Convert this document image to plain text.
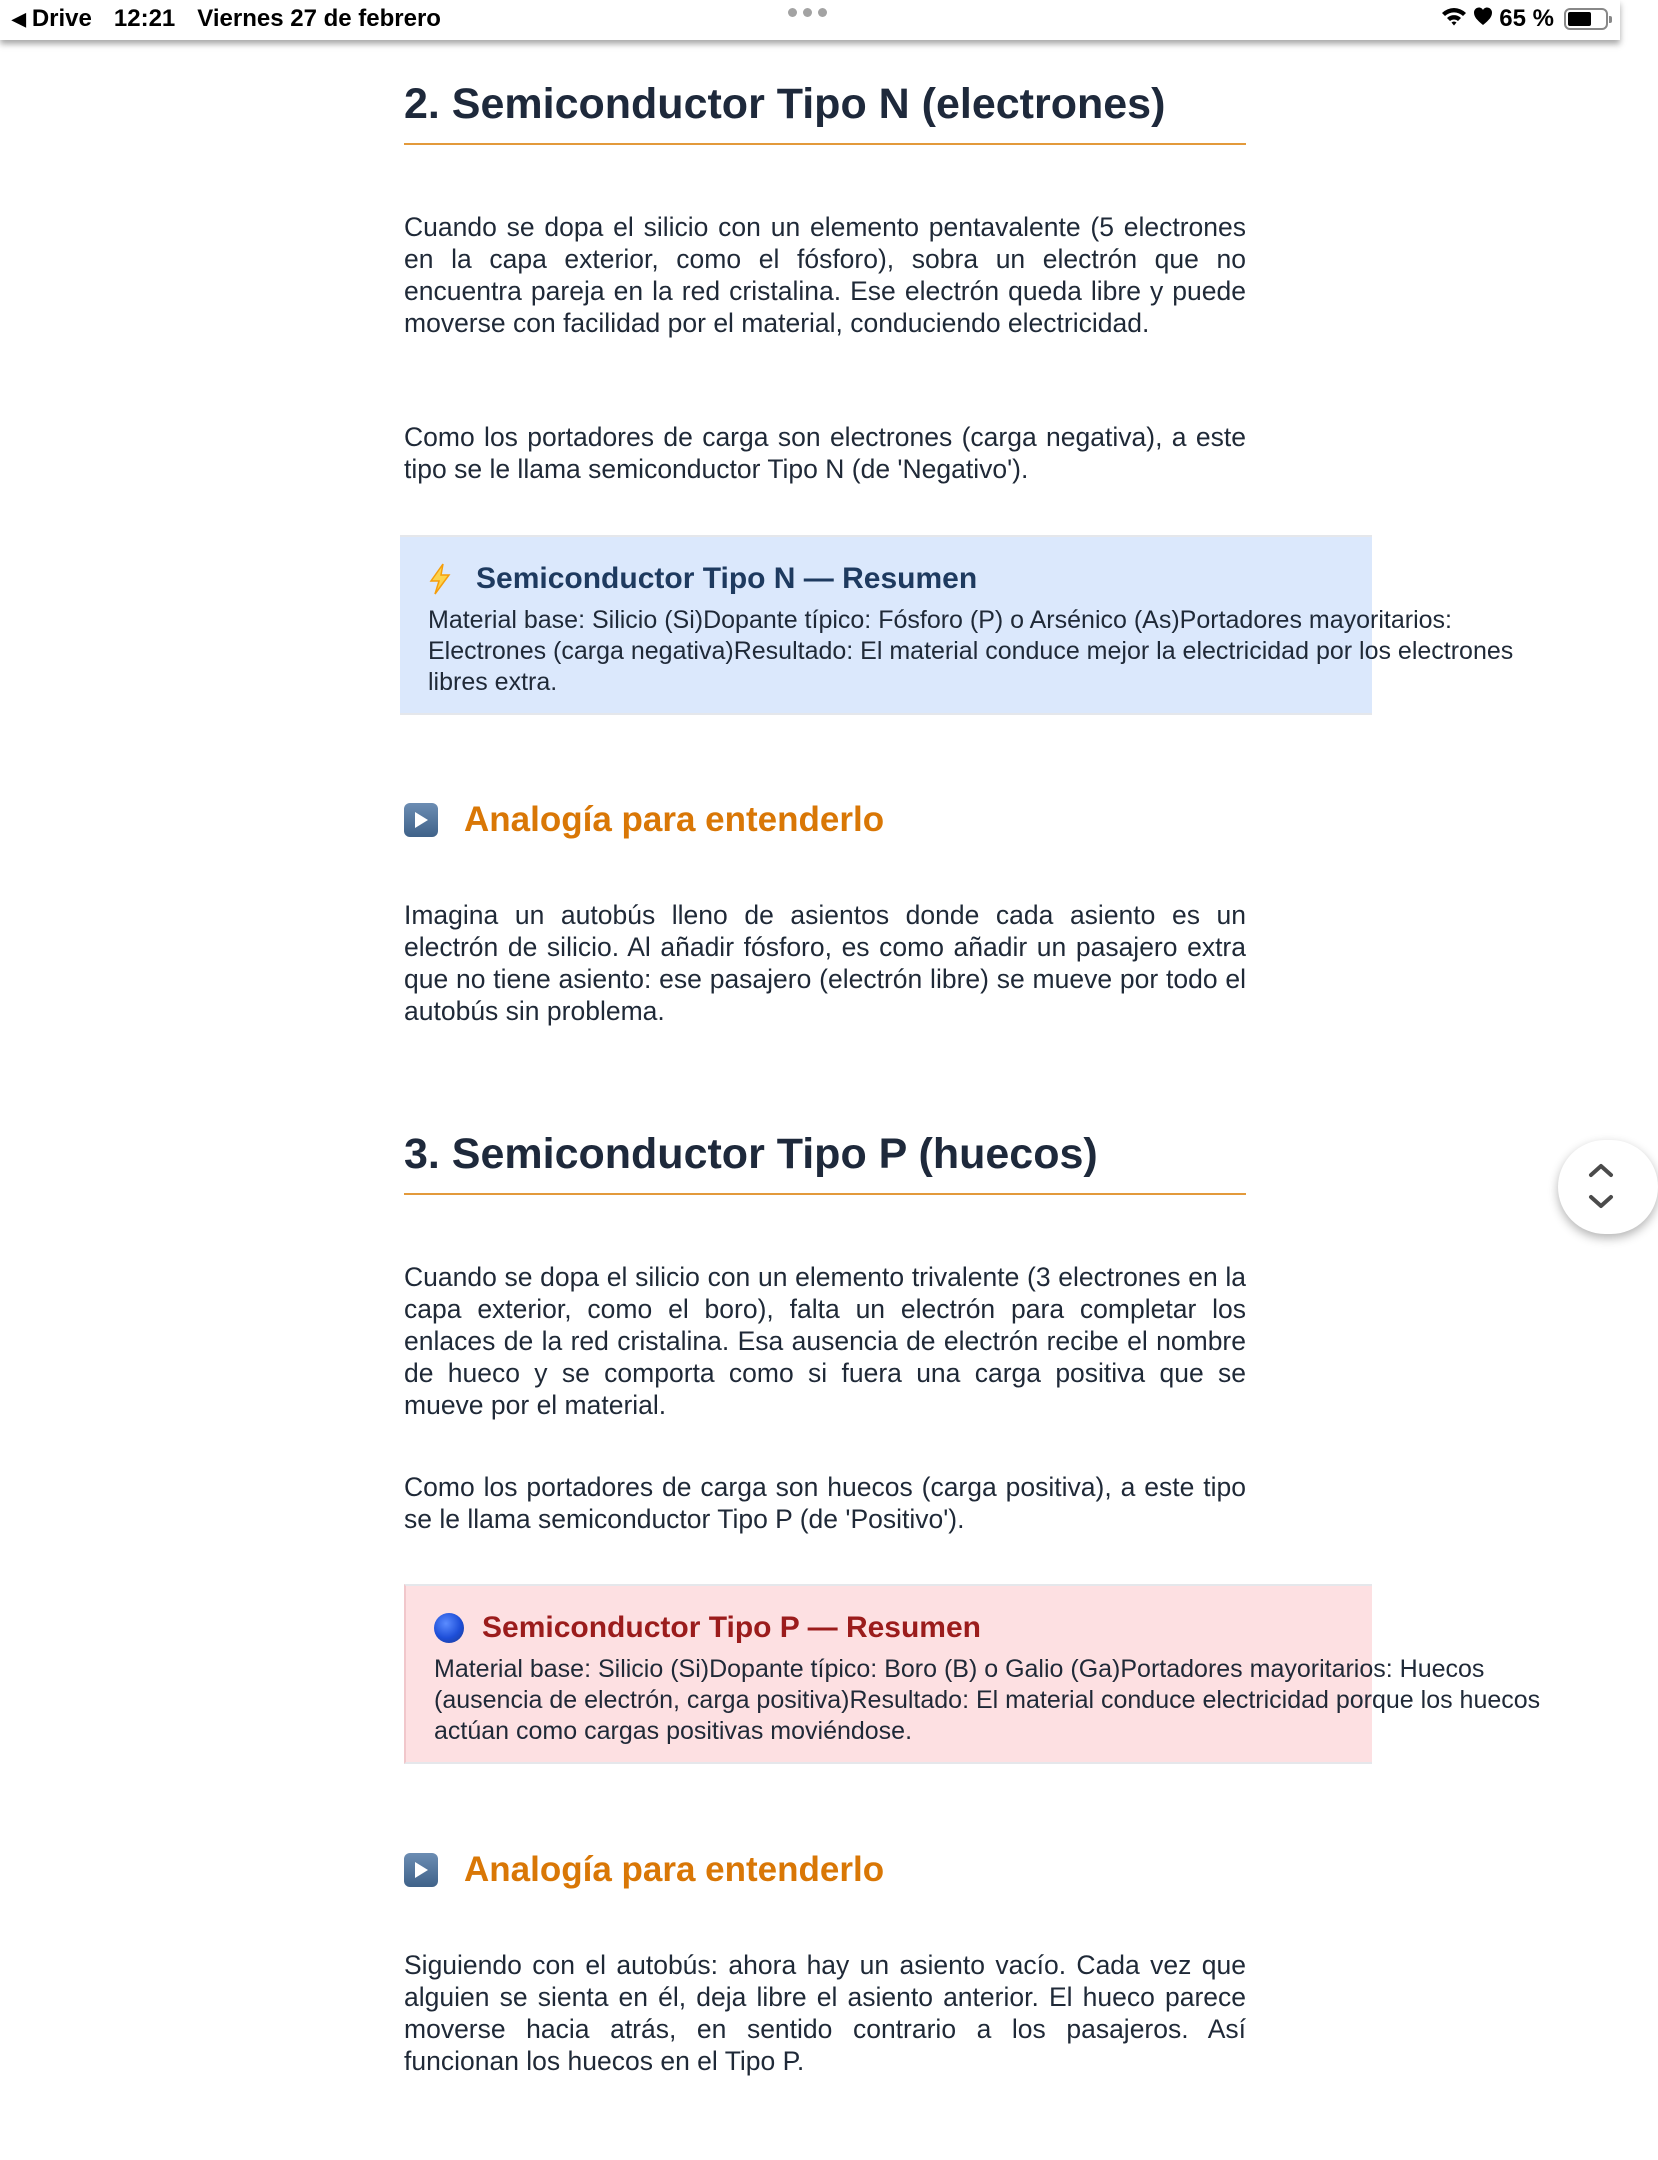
◀ Drive 12:21 Viernes 27 de febrero	65 %
2. Semiconductor Tipo N (electrones)

Cuando se dopa el silicio con un elemento pentavalente (5 electrones en la capa exterior, como el fósforo), sobra un electrón que no encuentra pareja en la red cristalina. Ese electrón queda libre y puede moverse con facilidad por el material, conduciendo electricidad.

Como los portadores de carga son electrones (carga negativa), a este tipo se le llama semiconductor Tipo N (de 'Negativo').

Semiconductor Tipo N — Resumen
Material base: Silicio (Si)Dopante típico: Fósforo (P) o Arsénico (As)Portadores mayoritarios: Electrones (carga negativa)Resultado: El material conduce mejor la electricidad por los electrones libres extra.
Analogía para entenderlo

Imagina un autobús lleno de asientos donde cada asiento es un electrón de silicio. Al añadir fósforo, es como añadir un pasajero extra que no tiene asiento: ese pasajero (electrón libre) se mueve por todo el autobús sin problema.

3. Semiconductor Tipo P (huecos)

Cuando se dopa el silicio con un elemento trivalente (3 electrones en la capa exterior, como el boro), falta un electrón para completar los enlaces de la red cristalina. Esa ausencia de electrón recibe el nombre de hueco y se comporta como si fuera una carga positiva que se mueve por el material.

Como los portadores de carga son huecos (carga positiva), a este tipo se le llama semiconductor Tipo P (de 'Positivo').

Semiconductor Tipo P — Resumen
Material base: Silicio (Si)Dopante típico: Boro (B) o Galio (Ga)Portadores mayoritarios: Huecos (ausencia de electrón, carga positiva)Resultado: El material conduce electricidad porque los huecos actúan como cargas positivas moviéndose.
Analogía para entenderlo

Siguiendo con el autobús: ahora hay un asiento vacío. Cada vez que alguien se sienta en él, deja libre el asiento anterior. El hueco parece moverse hacia atrás, en sentido contrario a los pasajeros. Así funcionan los huecos en el Tipo P.
